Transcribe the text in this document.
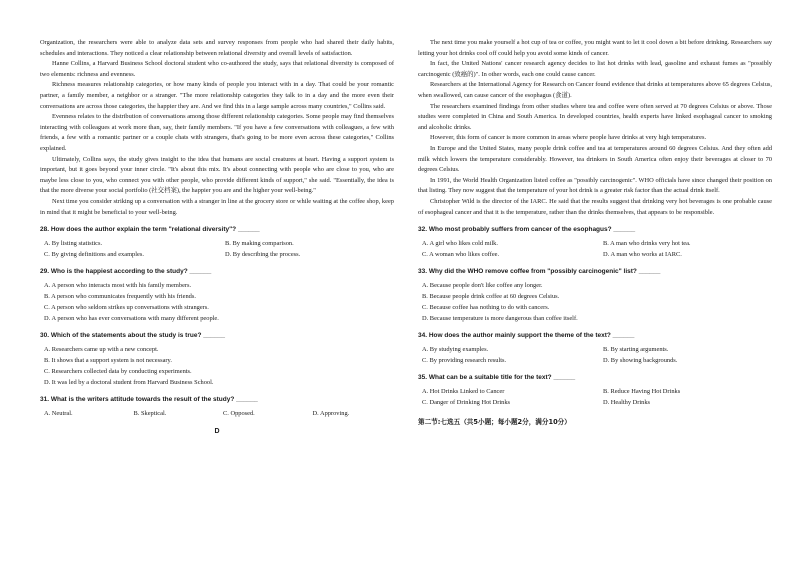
Organization, the researchers were able to analyze data sets and survey responses from people who had shared their daily habits, schedules and interactions. They noticed a clear relationship between relational diversity and overall levels of satisfaction.

Hanne Collins, a Harvard Business School doctoral student who co-authored the study, says that relational diversity is composed of two elements: richness and evenness.

Richness measures relationship categories, or how many kinds of people you interact with in a day. That could be your romantic partner, a family member, a neighbor or a stranger. "The more relationship categories they talk to in a day and the more even their conversations are across those categories, the happier they are. And we find this in a large sample across many countries," Collins said.

Evenness relates to the distribution of conversations among those different relationship categories. Some people may find themselves interacting with colleagues at work more than, say, their family members. "If you have a few conversations with colleagues, a few with friends, a few with a romantic partner or a couple chats with strangers, that's going to be more even across these categories," Collins explained.

Ultimately, Collins says, the study gives insight to the idea that humans are social creatures at heart. Having a support system is important, but it goes beyond your inner circle. "It's about this mix. It's about connecting with people who are close to you, who are maybe less close to you, who connect you with other people, who provide different kinds of support," she said. "Essentially, the idea is that the more diverse your social portfolio (社交档案), the happier you are and the higher your well-being."

Next time you consider striking up a conversation with a stranger in line at the grocery store or while waiting at the coffee shop, keep in mind that it might be beneficial to your well-being.

28. How does the author explain the term "relational diversity"? ______
A. By listing statistics.	B. By making comparison.
C. By giving definitions and examples.	D. By describing the process.
29. Who is the happiest according to the study? ______
A. A person who interacts most with his family members.
B. A person who communicates frequently with his friends.
C. A person who seldom strikes up conversations with strangers.
D. A person who has ever conversations with many different people.
30. Which of the statements about the study is true? ______
A. Researchers came up with a new concept.
B. It shows that a support system is not necessary.
C. Researchers collected data by conducting experiments.
D. It was led by a doctoral student from Harvard Business School.
31. What is the writers attitude towards the result of the study? ______
A. Neutral.	B. Skeptical.	C. Opposed.	D. Approving.
D

The next time you make yourself a hot cup of tea or coffee, you might want to let it cool down a bit before drinking. Researchers say letting your hot drinks cool off could help you avoid some kinds of cancer.

In fact, the United Nations' cancer research agency decides to list hot drinks with lead, gasoline and exhaust fumes as "possibly carcinogenic (致癌的)". In other words, each one could cause cancer.

Researchers at the International Agency for Research on Cancer found evidence that drinks at temperatures above 65 degrees Celsius, when swallowed, can cause cancer of the esophagus (食道).

The researchers examined findings from other studies where tea and coffee were often served at 70 degrees Celsius or above. Those studies were completed in China and South America. In developed countries, health experts have linked esophageal cancer to smoking and alcoholic drinks.

However, this form of cancer is more common in areas where people have drinks at very high temperatures.

In Europe and the United States, many people drink coffee and tea at temperatures around 60 degrees Celsius. And they often add milk which lowers the temperature considerably. However, tea drinkers in South America often enjoy their beverages at closer to 70 degrees Celsius.

In 1991, the World Health Organization listed coffee as "possibly carcinogenic". WHO officials have since changed their position on that listing. They now suggest that the temperature of your hot drink is a greater risk factor than the actual drink itself.

Christopher Wild is the director of the IARC. He said that the results suggest that drinking very hot beverages is one probable cause of esophageal cancer and that it is the temperature, rather than the drinks themselves, that appears to be responsible.

32. Who most probably suffers from cancer of the esophagus? ______
A. A girl who likes cold milk.	B. A man who drinks very hot tea.
C. A woman who likes coffee.	D. A man who works at IARC.
33. Why did the WHO remove coffee from "possibly carcinogenic" list? ______
A. Because people don't like coffee any longer.
B. Because people drink coffee at 60 degrees Celsius.
C. Because coffee has nothing to do with cancers.
D. Because temperature is more dangerous than coffee itself.
34. How does the author mainly support the theme of the text? ______
A. By studying examples.	B. By starting arguments.
C. By providing research results.	D. By showing backgrounds.
35. What can be a suitable title for the text? ______
A. Hot Drinks Linked to Cancer	B. Reduce Having Hot Drinks
C. Danger of Drinking Hot Drinks	D. Healthy Drinks
第二节:七选五（共5小题；每小题2分，满分10分）
